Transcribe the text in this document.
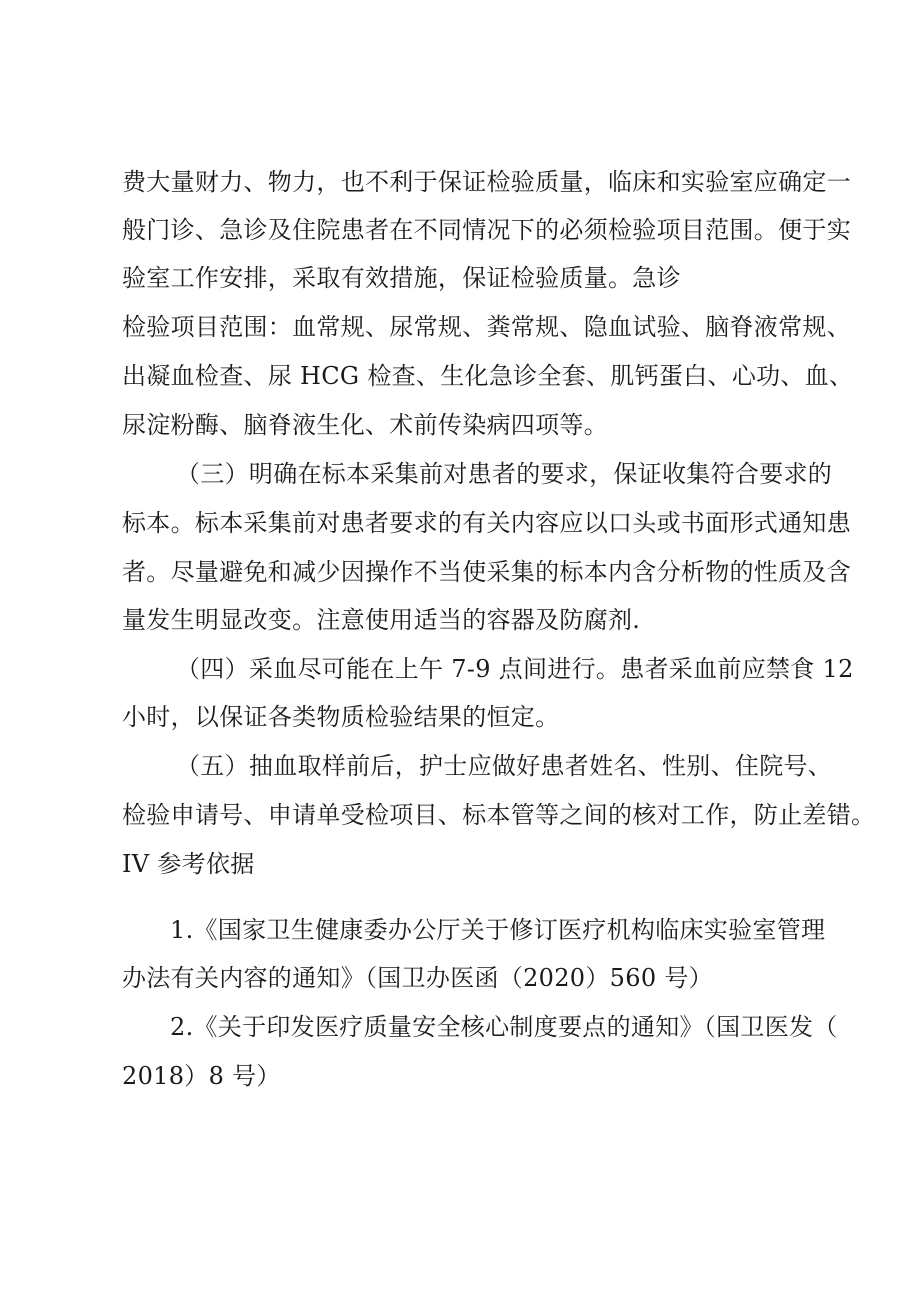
费大量财力、物力，也不利于保证检验质量，临床和实验室应确定一
般门诊、急诊及住院患者在不同情况下的必须检验项目范围。便于实
验室工作安排，采取有效措施，保证检验质量。急诊
检验项目范围：血常规、尿常规、粪常规、隐血试验、脑脊液常规、
出凝血检查、尿 HCG 检查、生化急诊全套、肌钙蛋白、心功、血、
尿淀粉酶、脑脊液生化、术前传染病四项等。
（三）明确在标本采集前对患者的要求，保证收集符合要求的
标本。标本采集前对患者要求的有关内容应以口头或书面形式通知患
者。尽量避免和减少因操作不当使采集的标本内含分析物的性质及含
量发生明显改变。注意使用适当的容器及防腐剂.
（四）采血尽可能在上午 7-9 点间进行。患者采血前应禁食 12
小时，以保证各类物质检验结果的恒定。
（五）抽血取样前后，护士应做好患者姓名、性别、住院号、
检验申请号、申请单受检项目、标本管等之间的核对工作，防止差错。
IV 参考依据
1.《国家卫生健康委办公厅关于修订医疗机构临床实验室管理
办法有关内容的通知》（国卫办医函（2020）560 号）
2.《关于印发医疗质量安全核心制度要点的通知》（国卫医发（
2018）8 号）
